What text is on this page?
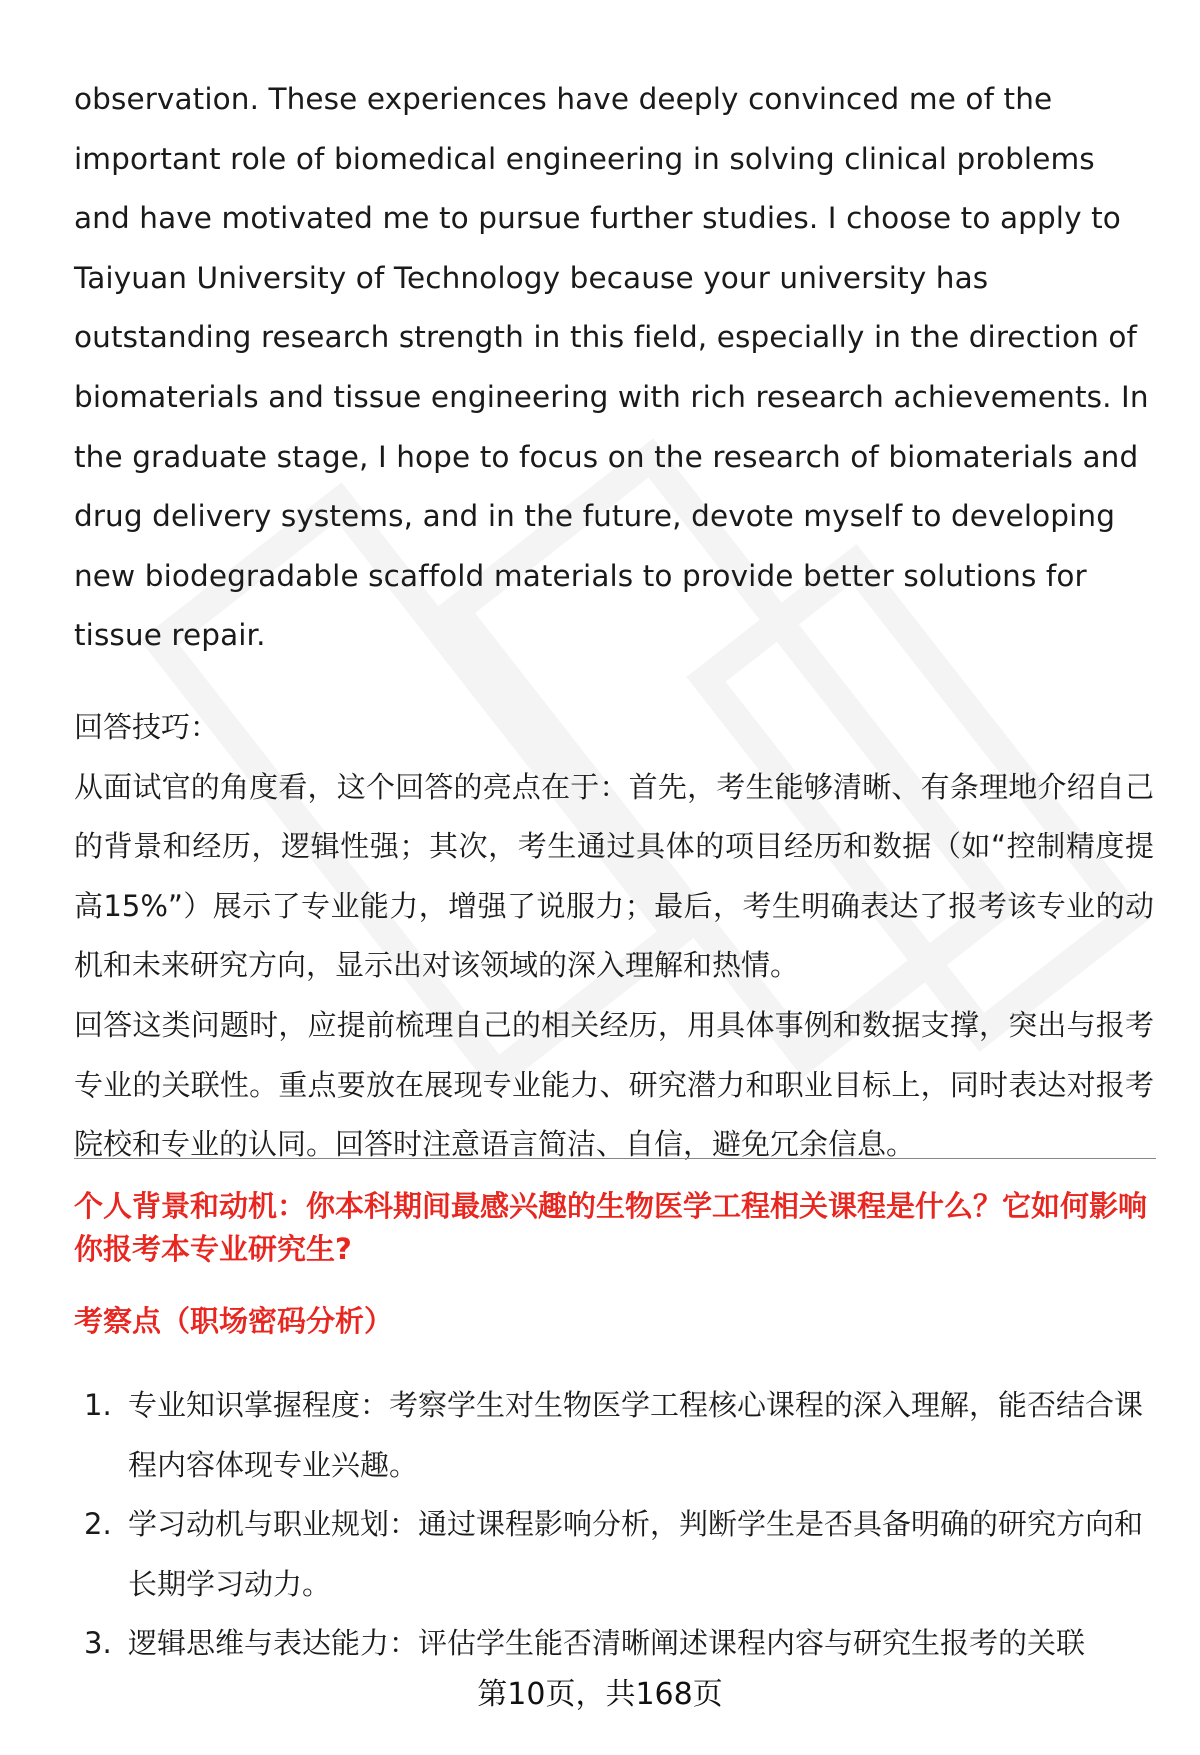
observation. These experiences have deeply convinced me of the important role of biomedical engineering in solving clinical problems and have motivated me to pursue further studies. I choose to apply to Taiyuan University of Technology because your university has outstanding research strength in this field, especially in the direction of biomaterials and tissue engineering with rich research achievements. In the graduate stage, I hope to focus on the research of biomaterials and drug delivery systems, and in the future, devote myself to developing new biodegradable scaffold materials to provide better solutions for tissue repair.

回答技巧：

从面试官的角度看，这个回答的亮点在于：首先，考生能够清晰、有条理地介绍自己的背景和经历，逻辑性强；其次，考生通过具体的项目经历和数据（如“控制精度提高15%”）展示了专业能力，增强了说服力；最后，考生明确表达了报考该专业的动机和未来研究方向，显示出对该领域的深入理解和热情。

回答这类问题时，应提前梳理自己的相关经历，用具体事例和数据支撑，突出与报考专业的关联性。重点要放在展现专业能力、研究潜力和职业目标上，同时表达对报考院校和专业的认同。回答时注意语言简洁、自信，避免冗余信息。

个人背景和动机：你本科期间最感兴趣的生物医学工程相关课程是什么？它如何影响你报考本专业研究生?

考察点（职场密码分析）

1. 专业知识掌握程度：考察学生对生物医学工程核心课程的深入理解，能否结合课程内容体现专业兴趣。
2. 学习动机与职业规划：通过课程影响分析，判断学生是否具备明确的研究方向和长期学习动力。
3. 逻辑思维与表达能力：评估学生能否清晰阐述课程内容与研究生报考的关联
第10页，共168页
